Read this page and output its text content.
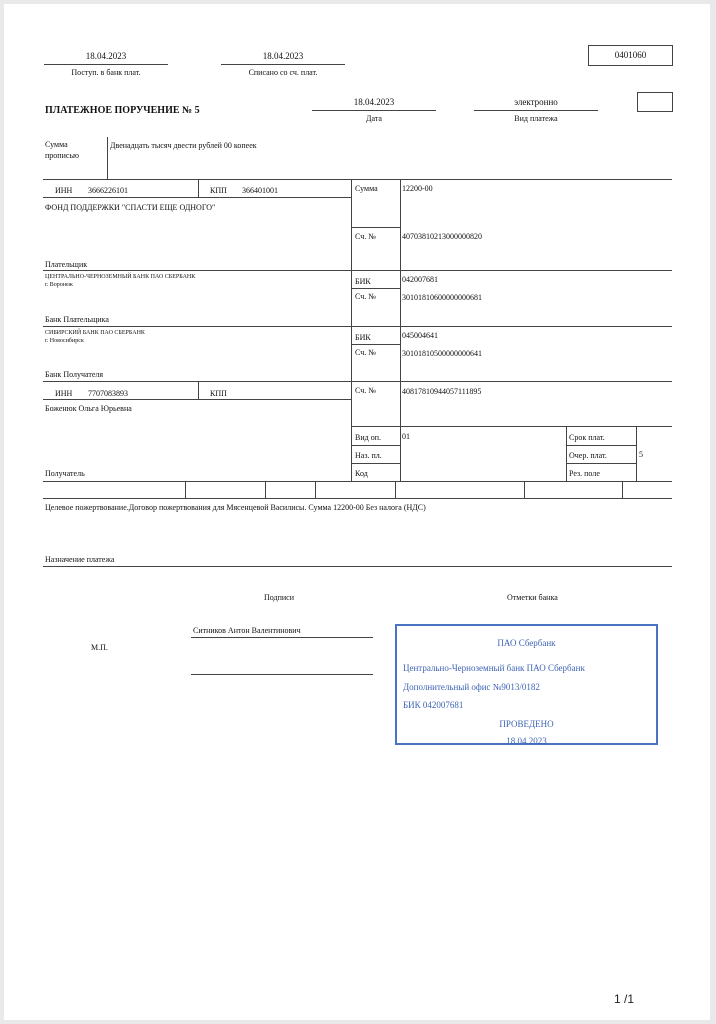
18.04.2023
Поступ. в банк плат.
18.04.2023
Списано со сч. плат.
0401060
ПЛАТЕЖНОЕ ПОРУЧЕНИЕ № 5
18.04.2023
Дата
электронно
Вид платежа
Сумма
прописью
Двенадцать тысяч двести рублей 00 копеек
ИНН 3666226101	КПП 366401001
ФОНД ПОДДЕРЖКИ "СПАСТИ ЕЩЕ ОДНОГО"
Сумма	12200-00
Сч. №	40703810213000000820
Плательщик
ЦЕНТРАЛЬНО-ЧЕРНОЗЕМНЫЙ БАНК ПАО СБЕРБАНК
г. Воронеж	БИК	042007681
Сч. №	30101810600000000681
Банк Плательщика
СИБИРСКИЙ БАНК ПАО СБЕРБАНК
г. Новосибирск	БИК	045004641
Сч. №	30101810500000000641
Банк Получателя
ИНН 7707083893	КПП
Боженюк Ольга Юрьевна
Сч. №	40817810944057111895
Вид оп.	01	Срок плат.
Наз. пл.	Очер. плат.	5
Код	Рез. поле
Получатель
Целевое пожертвование.Договор пожертвования для Мясенцевой Василисы. Сумма 12200-00 Без налога (НДС)
Назначение платежа
Подписи	Отметки банка
М.П.
Ситников Антон Валентинович
ПАО Сбербанк
Центрально-Черноземный банк ПАО Сбербанк
Дополнительный офис №9013/0182
БИК 042007681
ПРОВЕДЕНО
18.04.2023
1 /1
